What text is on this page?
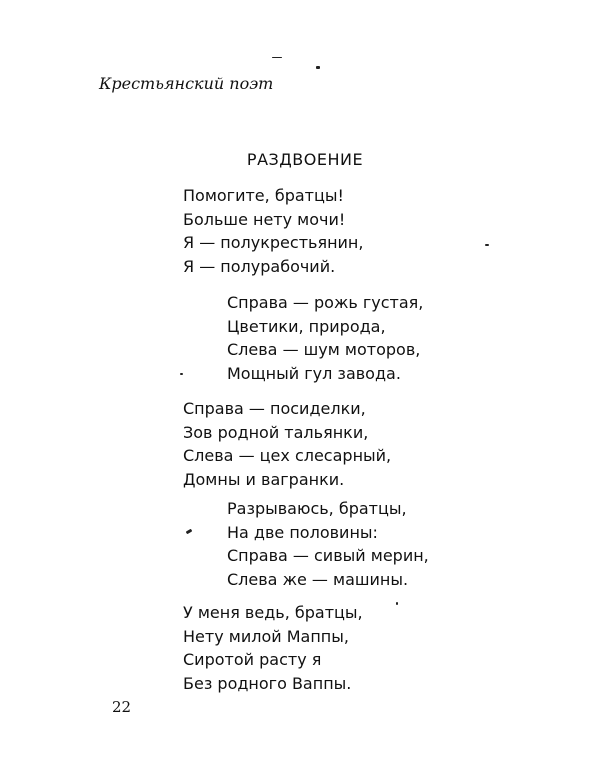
Крестьянский поэт
РАЗДВОЕНИЕ
Помогите, братцы!
Больше нету мочи!
Я — полукрестьянин,
Я — полурабочий.
Справа — рожь густая,
Цветики, природа,
Слева — шум моторов,
Мощный гул завода.
Справа — посиделки,
Зов родной тальянки,
Слева — цех слесарный,
Домны и вагранки.
Разрываюсь, братцы,
На две половины:
Справа — сивый мерин,
Слева же — машины.
У меня ведь, братцы,
Нету милой Маппы,
Сиротой расту я
Без родного Ваппы.
22
